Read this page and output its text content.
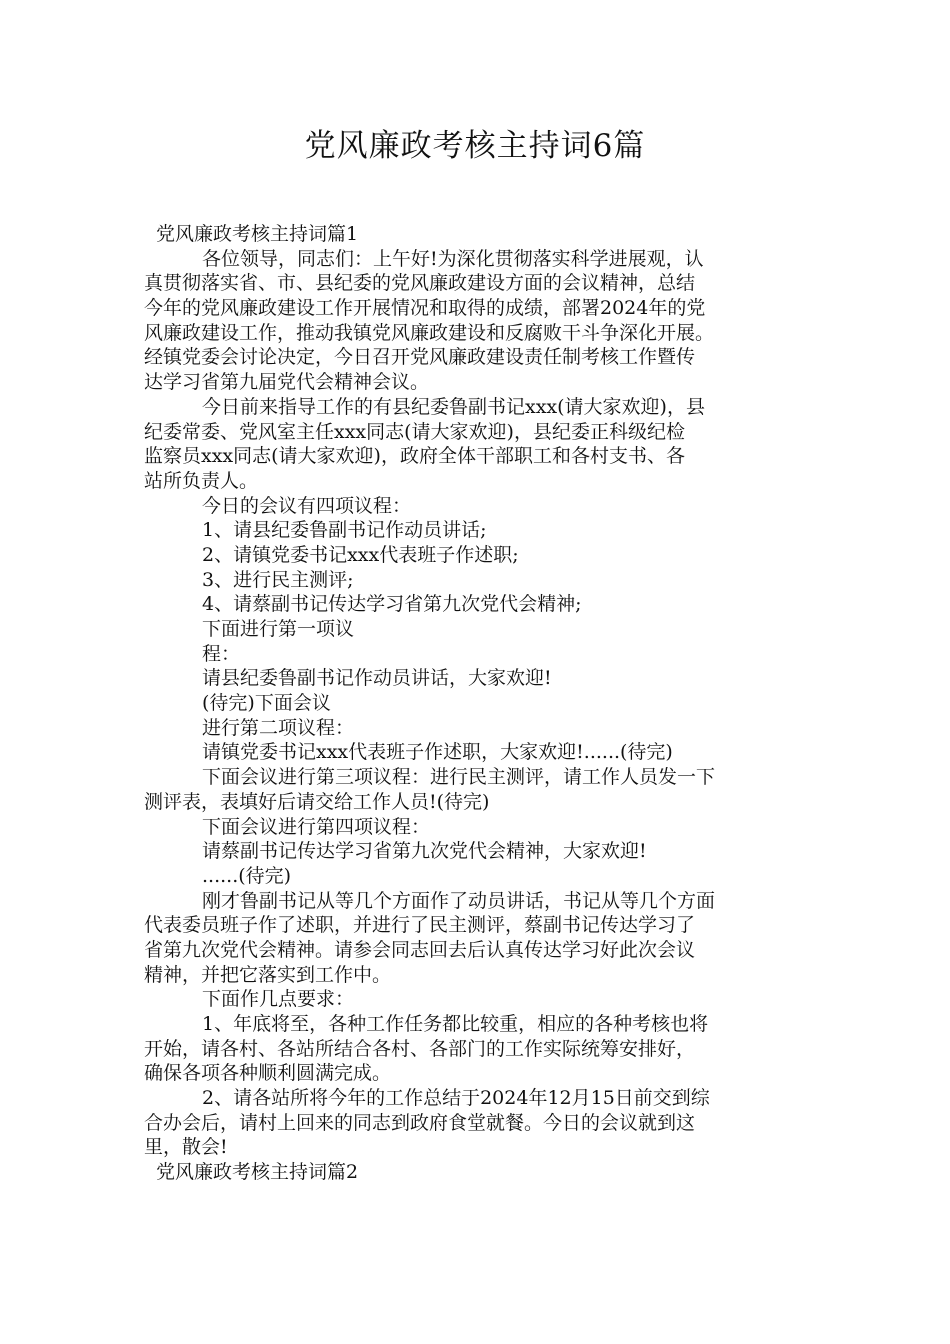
党风廉政考核主持词6篇
党风廉政考核主持词篇1
各位领导，同志们：上午好!为深化贯彻落实科学进展观，认
真贯彻落实省、市、县纪委的党风廉政建设方面的会议精神，总结
今年的党风廉政建设工作开展情况和取得的成绩，部署2024年的党
风廉政建设工作，推动我镇党风廉政建设和反腐败干斗争深化开展。
经镇党委会讨论决定，今日召开党风廉政建设责任制考核工作暨传
达学习省第九届党代会精神会议。
今日前来指导工作的有县纪委鲁副书记xxx(请大家欢迎)，县
纪委常委、党风室主任xxx同志(请大家欢迎)，县纪委正科级纪检
监察员xxx同志(请大家欢迎)，政府全体干部职工和各村支书、各
站所负责人。
今日的会议有四项议程：
1、请县纪委鲁副书记作动员讲话;
2、请镇党委书记xxx代表班子作述职;
3、进行民主测评;
4、请蔡副书记传达学习省第九次党代会精神;
下面进行第一项议
程：
请县纪委鲁副书记作动员讲话，大家欢迎!
(待完)下面会议
进行第二项议程：
请镇党委书记xxx代表班子作述职，大家欢迎!......(待完)
下面会议进行第三项议程：进行民主测评，请工作人员发一下
测评表，表填好后请交给工作人员!(待完)
下面会议进行第四项议程：
请蔡副书记传达学习省第九次党代会精神，大家欢迎!
......(待完)
刚才鲁副书记从等几个方面作了动员讲话，书记从等几个方面
代表委员班子作了述职，并进行了民主测评，蔡副书记传达学习了
省第九次党代会精神。请参会同志回去后认真传达学习好此次会议
精神，并把它落实到工作中。
下面作几点要求：
1、年底将至，各种工作任务都比较重，相应的各种考核也将
开始，请各村、各站所结合各村、各部门的工作实际统筹安排好，
确保各项各种顺利圆满完成。
2、请各站所将今年的工作总结于2024年12月15日前交到综
合办会后，请村上回来的同志到政府食堂就餐。今日的会议就到这
里，散会!
党风廉政考核主持词篇2
